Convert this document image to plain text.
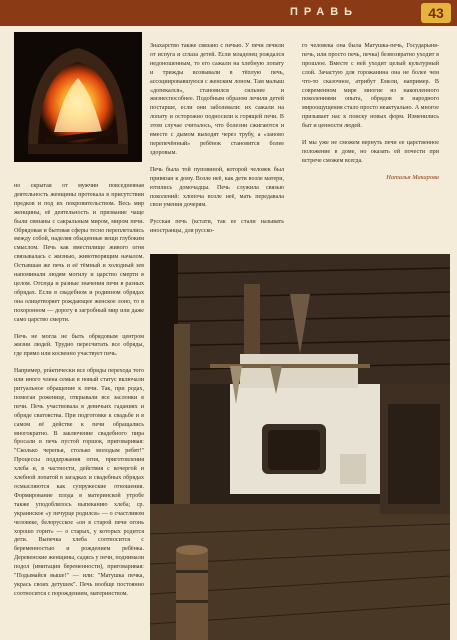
ПРАВЬ	43

но скрытая от мужчин повседневная деятельность женщины протекала в присутствии предков и под их покровительством. Весь мир женщины, её деятельность и призвание чаще были связаны с сакральным миром, миром печи. Обрядовая и бытовая сферы тесно переплетались между собой, наделяя обыденные вещи глубоким смыслом. Печь как вместилище живого огня связывалась с жизнью, животворящим началом. Остывшая же печь и её тёмный и холодный зев напоминали людям могилу и царство смерти в целом. Отсюда и разные значения печи в разных обрядах. Если в свадебном и родинном обрядах она олицетворяет рождающее женское лоно, то в похоронном — дорогу в загробный мир или даже само царство смерти.

Печь не могла не быть обрядовым центром жизни людей. Трудно пересчитать все обряды, где прямо или косвенно участвует печь.

Например, práктически все обряды перехода того или иного члена семьи в новый статус включали ритуальное обращение к печи. Так, при родах, помогая роженице, открывали все заслонки в печи. Печь участвовала в девичьих гаданиях и обряде сватовства. При подготовке к свадьбе и в самом её действе к печи обращались многократно. В заключение свадебного пира бросали в печь пустой горшок, приговаривая: "Сколько черепья, столько молодым ребят!" Процессы поддержания огня, приготовления хлеба и, в частности, действия с кочергой и хлебной лопатой в загадках и свадебных обрядах осмысляются как супружеские отношения. Формирование плода в материнской утробе также уподоблялось выпеканию хлеба; ср. украинское «у печурце родился» — о счастливом человеке, белорусское «он в старой печи огонь хорошо горит» — о старых, у которых родится дети. Выпечка хлеба соотносится с беременностью и рождением ребёнка. Деревенские женщины, садясь у печи, поднимали подол (имитация беременности), приговаривая: "Подымайся выше!" — или: "Матушка печка, укрась своих детушек". Печь вообще постоянно соотносится с порождением, материнством.

Знахарство также связано с печью. У печи лечили от испуга и сглаза детей. Если младенец рождался недоношенным, то его сажали на хлебную лопату и трижды всовывали в тёплую печь, ассоциировавшуюся с женским лоном. Там малыш «допекался», становился сильнее и жизнеспособнее. Подобным образом лечили детей постарше, если они заболевали: их сажали на лопату и осторожно подносили к горящей печи. В этом случае считалось, что болезни сжигаются и вместе с дымом выходят через трубу, а «заново перепечённый» ребёнок становится более здоровым.

Печь была той пуповиной, которой человек был привязан к дому. Возле неё, как дети возле матери, ютились домочадцы. Печь служила связью поколений: хлопоча возле неё, мать передавала свои умения дочерям.

Русская печь (кстати, так ее стали называть иностранцы, для русско-

го человека она была Матушка-печь, Государыня-печь, или просто печь, печка) безвозвратно уходит в прошлое. Вместе с ней уходит целый культурный слой. Зачастую для горожанина она не более чем что-то сказочное, атрибут Емели, например. В современном мире многие из накопленного поколениями опыта, обрядов и народного мироощущения стало просто неактуально. А многое призывает нас к поиску новых форм. Изменились быт и ценности людей.

И мы уже не сможем вернуть печи ее царственное положение в доме, но оказать ей почести при встрече сможем всегда.

Наталья Макарова
